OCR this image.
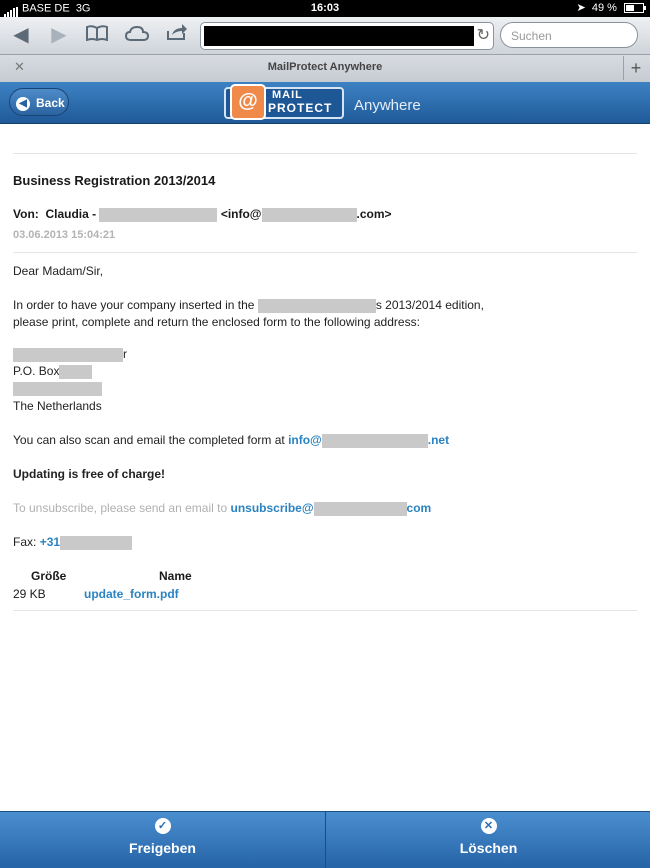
BASE DE 3G	16:03	➤ 49 %
◀ ▶	↻	Suchen
✕	MailProtect Anywhere	+
◀ Back	@	MAIL
PROTECT Anywhere
Business Registration 2013/2014
Von: Claudia -	<info@	.com>
03.06.2013 15:04:21
Dear Madam/Sir,
In order to have your company inserted in the	s 2013/2014 edition,
please print, complete and return the enclosed form to the following address:
r
P.O. Box
The Netherlands
You can also scan and email the completed form at info@	.net
Updating is free of charge!
To unsubscribe, please send an email to unsubscribe@	com
Fax: +31
Größe	Name
29 KB	update_form.pdf
✓
Freigeben
✕
Löschen
